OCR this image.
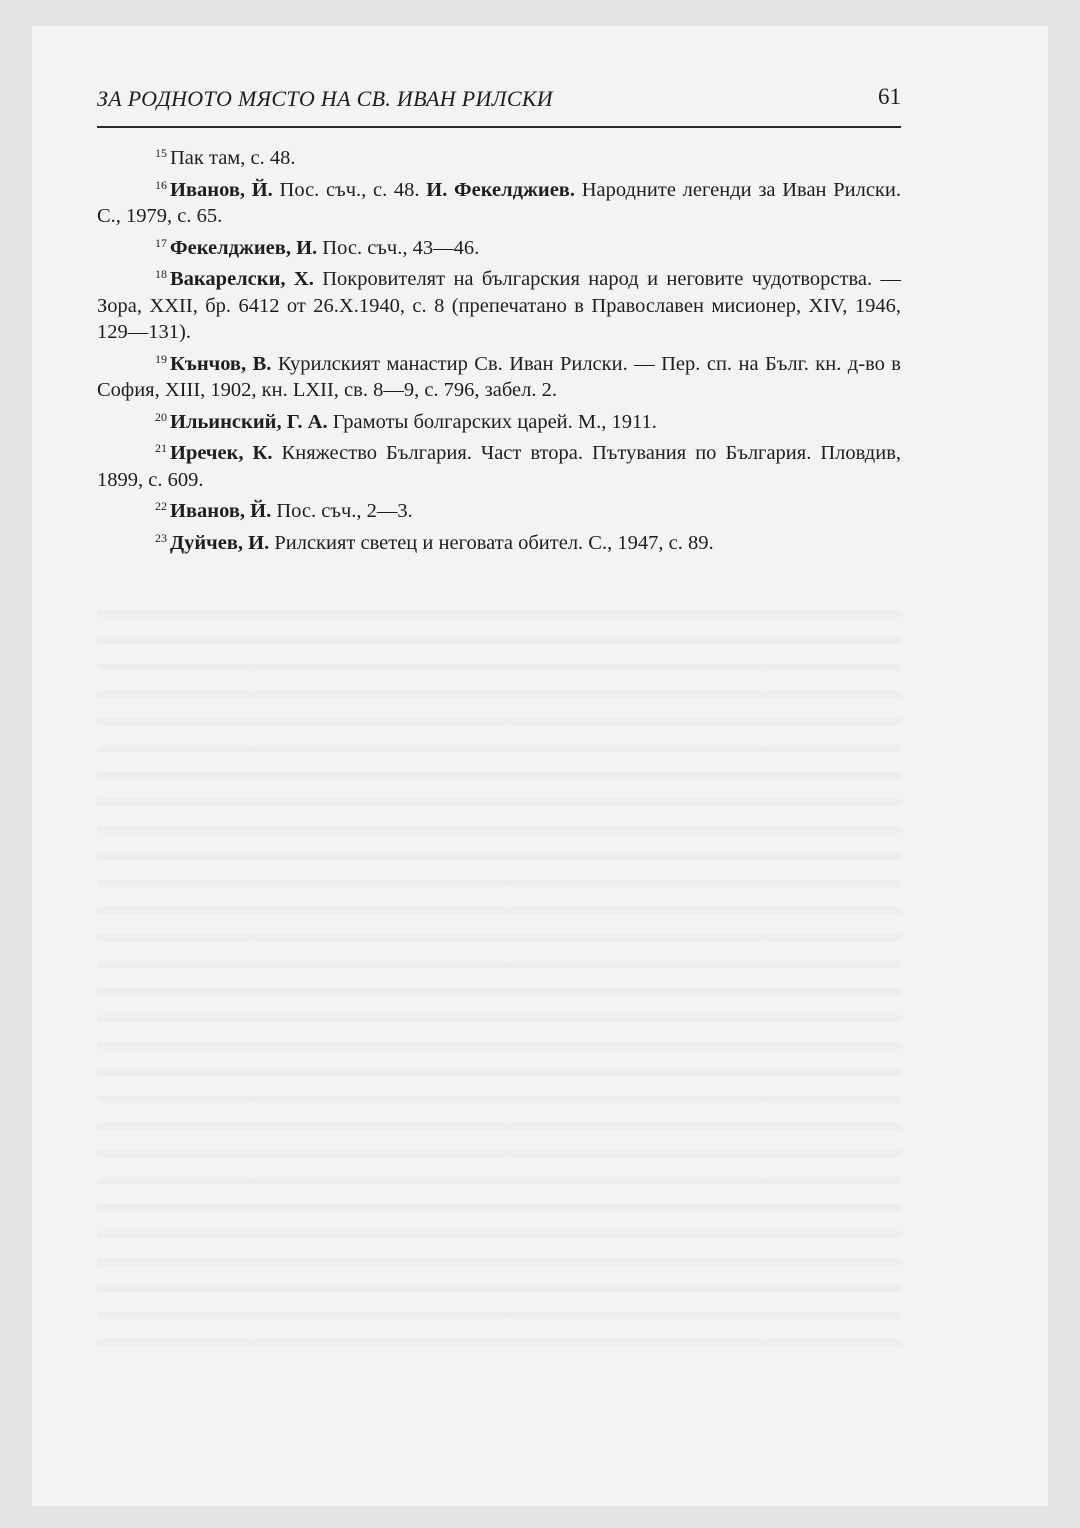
ЗА РОДНОТО МЯСТО НА СВ. ИВАН РИЛСКИ	61

$^{15}$ Пак там, с. 48.

$^{16}$ Иванов, Й. Пос. съч., с. 48. И. Фекелджиев. Народните легенди за Иван Рилски. С., 1979, с. 65.

$^{17}$ Фекелджиев, И. Пос. съч., 43—46.

$^{18}$ Вакарелски, Х. Покровителят на българския народ и неговите чудотворства. — Зора, XXII, бр. 6412 от 26.X.1940, с. 8 (препечатано в Православен мисионер, XIV, 1946, 129—131).

$^{19}$ Кънчов, В. Курилският манастир Св. Иван Рилски. — Пер. сп. на Бълг. кн. д-во в София, XIII, 1902, кн. LXII, св. 8—9, с. 796, забел. 2.

$^{20}$ Ильинский, Г. А. Грамоты болгарских царей. М., 1911.

$^{21}$ Иречек, К. Княжество България. Част втора. Пътувания по България. Пловдив, 1899, с. 609.

$^{22}$ Иванов, Й. Пос. съч., 2—3.

$^{23}$ Дуйчев, И. Рилският светец и неговата обител. С., 1947, с. 89.
